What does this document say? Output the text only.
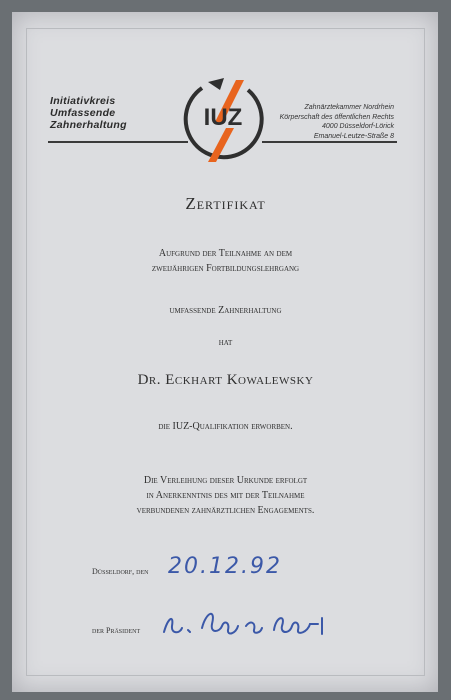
Initiativkreis
Umfassende
Zahnerhaltung
Zahnärztekammer Nordrhein
Körperschaft des öffentlichen Rechts
4000 Düsseldorf-Lörick
Emanuel-Leutze-Straße 8
IUZ
Zertifikat
Aufgrund der Teilnahme an dem
zweijährigen Fortbildungslehrgang
umfassende Zahnerhaltung
hat
Dr. Eckhart Kowalewsky
die IUZ-Qualifikation erworben.
Die Verleihung dieser Urkunde erfolgt
in Anerkenntnis des mit der Teilnahme
verbundenen zahnärztlichen Engagements.
Düsseldorf, den 20.12.92
der Präsident
